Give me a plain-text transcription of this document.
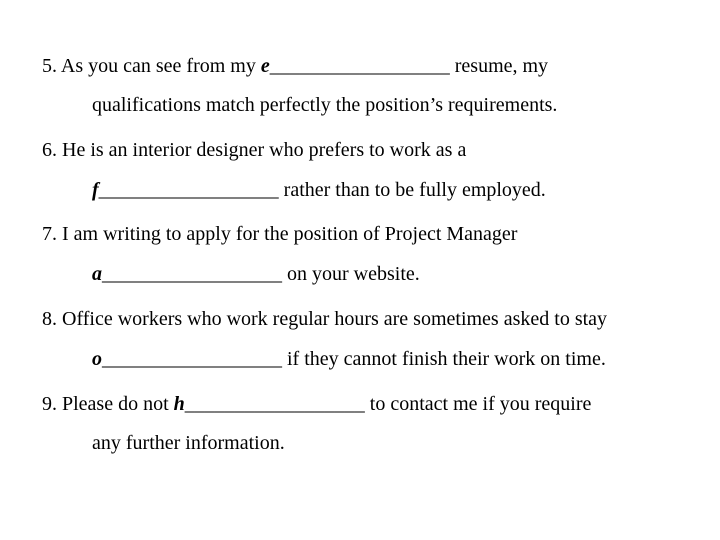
5. As you can see from my e__________________ resume, my
qualifications match perfectly the position’s requirements.
6. He is an interior designer who prefers to work as a
f__________________ rather than to be fully employed.
7. I am writing to apply for the position of Project Manager
a__________________ on your website.
8. Office workers who work regular hours are sometimes asked to stay
o__________________ if they cannot finish their work on time.
9. Please do not h__________________ to contact me if you require
any further information.
